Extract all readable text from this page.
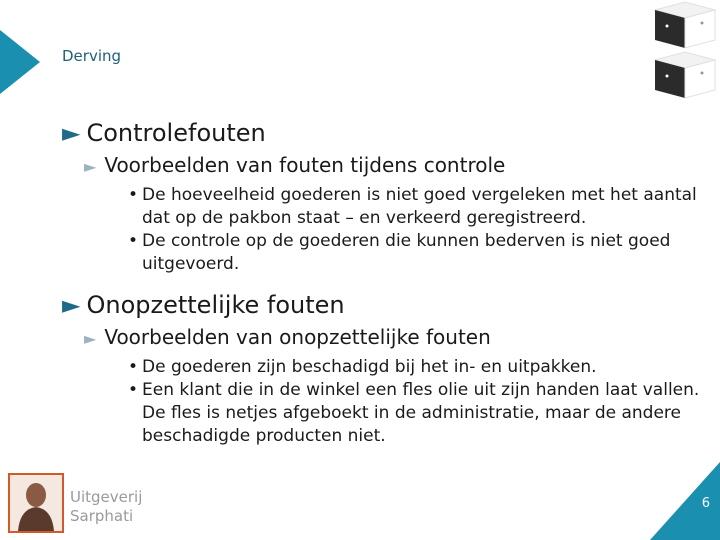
Derving
► Controlefouten
► Voorbeelden van fouten tijdens controle
• De hoeveelheid goederen is niet goed vergeleken met het aantal dat op de pakbon staat – en verkeerd geregistreerd.
• De controle op de goederen die kunnen bederven is niet goed uitgevoerd.
► Onopzettelijke fouten
► Voorbeelden van onopzettelijke fouten
• De goederen zijn beschadigd bij het in- en uitpakken.
• Een klant die in de winkel een fles olie uit zijn handen laat vallen. De fles is netjes afgeboekt in de administratie, maar de andere beschadigde producten niet.
Uitgeverij
Sarphati
6
